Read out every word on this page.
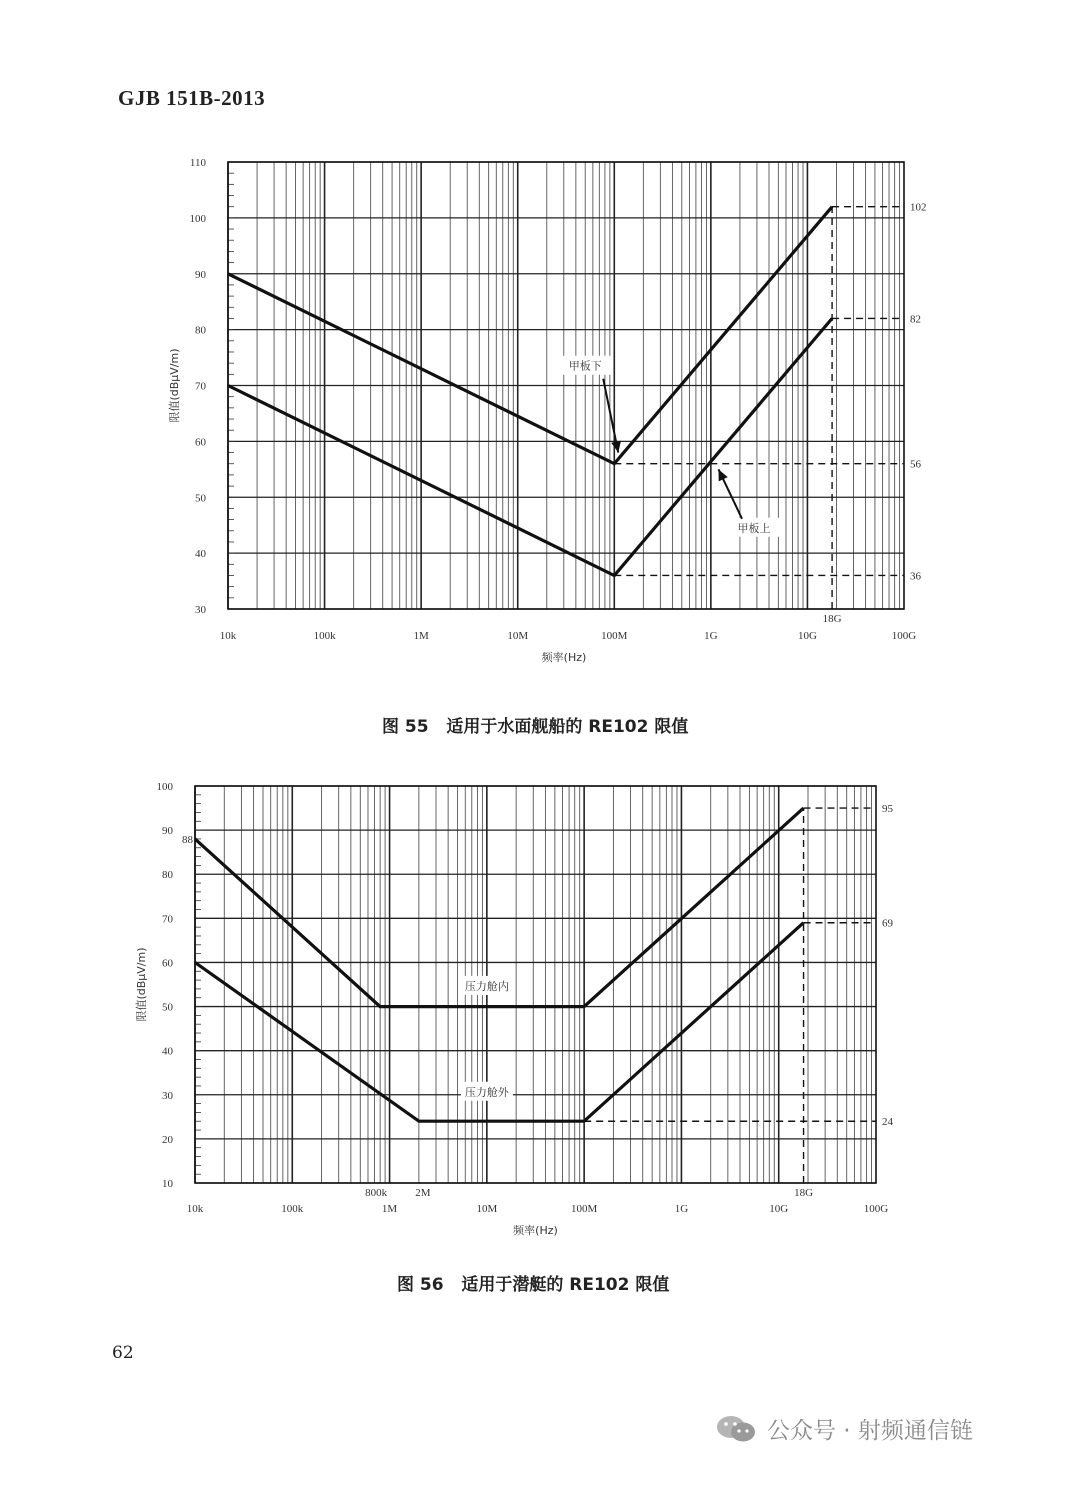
GJB 151B-2013
30
40
50
60
70
80
90
100
110
10k	100k	1M	10M	100M	1G	10G	100G
频率(Hz)
限值(dBμV/m)
102
82
56
36
18G
甲板下
甲板上
图 55   适用于水面舰船的 RE102 限值
10
20
30
40
50
60
70
80
90
100
10k	100k	1M	10M	100M	1G	10G	100G
频率(Hz)
限值(dBμV/m)
88
95
69
24
800k	2M	18G
压力舱内
压力舱外
图 56   适用于潜艇的 RE102 限值
62
公众号 · 射频通信链
